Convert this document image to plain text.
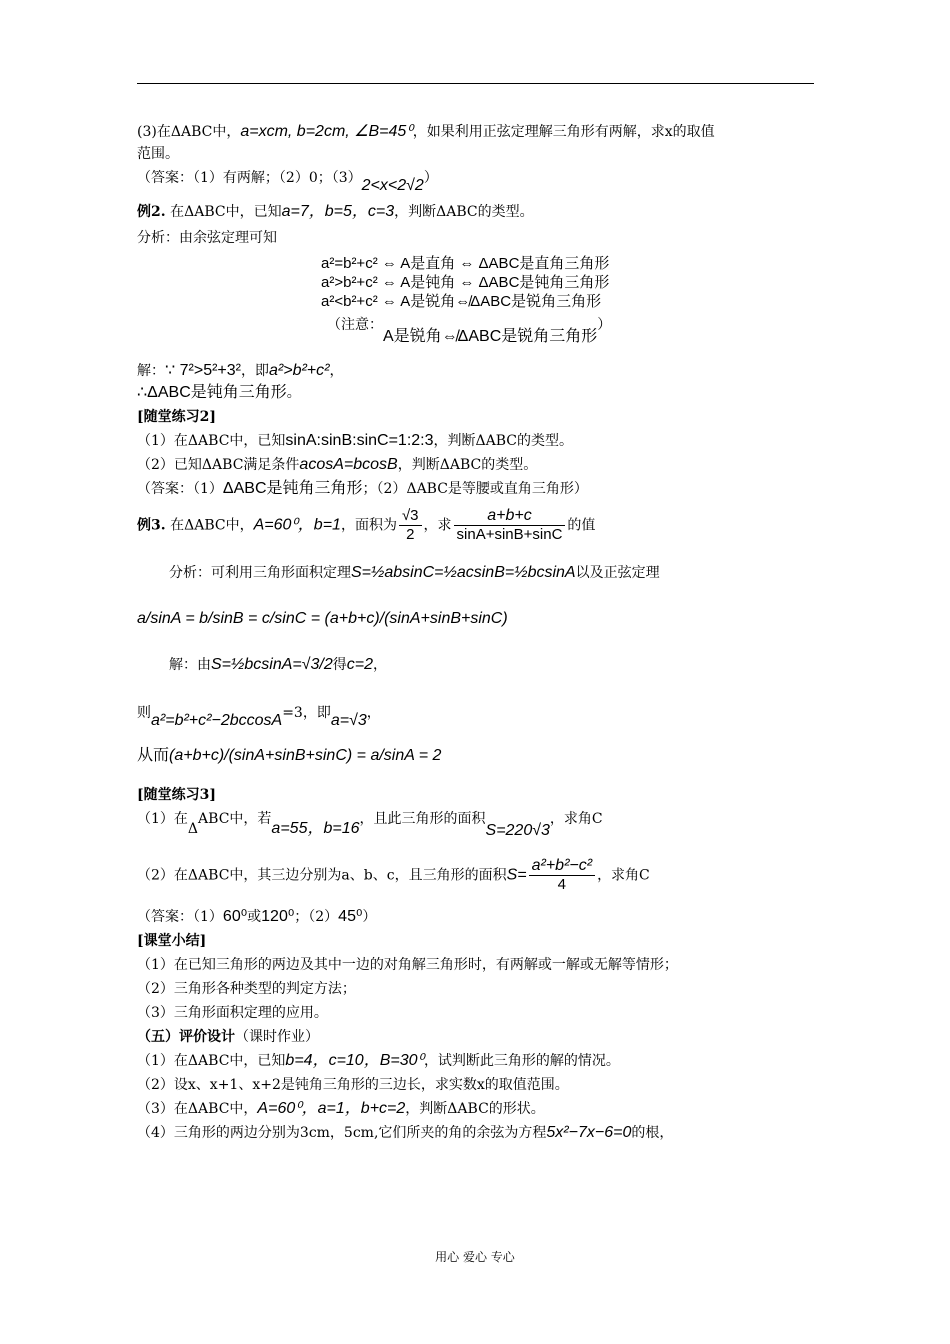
(3)在ΔABC中，a=xcm, b=2cm, ∠B=45⁰，如果利用正弦定理解三角形有两解，求x的取值
范围。
（答案：（1）有两解；（2）0；（3）2<x<2√2）
例2. 在ΔABC中，已知a=7，b=5，c=3，判断ΔABC的类型。
分析：由余弦定理可知
a²=b²+c² ⇔ A是直角 ⇔ ΔABC是直角三角形
a²>b²+c² ⇔ A是钝角 ⇔ ΔABC是钝角三角形
a²<b²+c² ⇔ A是锐角⇎ΔABC是锐角三角形
（注意：A是锐角⇎ΔABC是锐角三角形）
解：∵ 7²>5²+3²，即a²>b²+c²，
∴ΔABC是钝角三角形。
[随堂练习2]
（1）在ΔABC中，已知sinA:sinB:sinC=1:2:3，判断ΔABC的类型。
（2）已知ΔABC满足条件acosA=bcosB，判断ΔABC的类型。
（答案：（1）ΔABC是钝角三角形；（2）ΔABC是等腰或直角三角形）
例3. 在ΔABC中，A=60⁰，b=1，面积为 $\frac{√3}{2}$ ，求 $\frac{a+b+c}{\sin A+\sin B+\sin C}$ 的值
分析：可利用三角形面积定理S=½absinC=½acsinB=½bcsinA以及正弦定理
a/sinA = b/sinB = c/sinC = (a+b+c)/(sinA+sinB+sinC)
解：由S=½bcsinA=√3/2得c=2，
则a²=b²+c²−2bccosA=3，即a=√3，
从而(a+b+c)/(sinA+sinB+sinC) = a/sinA = 2
[随堂练习3]
（1）在ΔABC中，若a=55，b=16，且此三角形的面积S=220√3，求角C
（2）在ΔABC中，其三边分别为a、b、c，且三角形的面积$S= \frac{\text{a²+b²−c²}}{4}$ ，求角C
（答案：（1）60⁰或120⁰；（2）45⁰）
[课堂小结]
（1）在已知三角形的两边及其中一边的对角解三角形时，有两解或一解或无解等情形；
（2）三角形各种类型的判定方法；
（3）三角形面积定理的应用。
（五）评价设计（课时作业）
（1）在ΔABC中，已知b=4，c=10，B=30⁰，试判断此三角形的解的情况。
（2）设x、x+1、x+2是钝角三角形的三边长，求实数x的取值范围。
（3）在ΔABC中，A=60⁰，a=1，b+c=2，判断ΔABC的形状。
（4）三角形的两边分别为3cm，5cm,它们所夹的角的余弦为方程5x²−7x−6=0的根，
用心 爱心 专心
